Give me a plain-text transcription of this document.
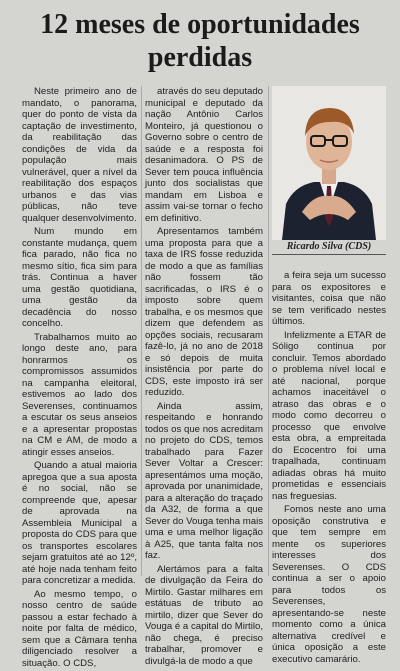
12 meses de oportunidades
perdidas

Neste primeiro ano de mandato, o panorama, quer do ponto de vista da captação de investimento, da reabilitação das condições de vida da população mais vulnerável, quer a nível da reabilitação dos espaços urbanos e das vias públicas, não teve qualquer desenvolvimento.

Num mundo em constante mudança, quem fica parado, não fica no mesmo sítio, fica sim para trás. Continua a haver uma gestão quotidiana, uma gestão da decadência do nosso concelho.

Trabalhamos muito ao longo deste ano, para honrarmos os compromissos assumidos na campanha eleitoral, estivemos ao lado dos Severenses, continuamos a escutar os seus anseios e a apresentar propostas na CM e AM, de modo a atingir esses anseios.

Quando a atual maioria apregoa que a sua aposta é no social, não se compreende que, apesar de aprovada na Assembleia Municipal a proposta do CDS para que os transportes escolares sejam gratuitos até ao 12º, até hoje nada tenham feito para concretizar a medida.

Ao mesmo tempo, o nosso centro de saúde passou a estar fechado à noite por falta de médico, sem que a Câmara tenha diligenciado resolver a situação. O CDS,

através do seu deputado municipal e deputado da nação Antônio Carlos Monteiro, já questionou o Governo sobre o centro de saúde e a resposta foi desanimadora. O PS de Sever tem pouca influência junto dos socialistas que mandam em Lisboa e assim vai-se tornar o fecho em definitivo.

Apresentamos também uma proposta para que a taxa de IRS fosse reduzida de modo a que as famílias não fossem tão sacrificadas, o IRS é o imposto sobre quem trabalha, e os mesmos que dizem que defendem as opções sociais, recusaram fazê-lo, já no ano de 2018 e só depois de muita insistência por parte do CDS, este imposto irá ser reduzido.

Ainda assim, respeitando e honrando todos os que nos acreditam no projeto do CDS, temos trabalhado para Fazer Sever Voltar a Crescer: apresentámos uma moção, aprovada por unanimidade, para a alteração do traçado da A32, de forma a que Sever do Vouga tenha mais uma e uma melhor ligação à A25, que tanta falta nos faz.

Alertámos para a falta de divulgação da Feira do Mirtilo. Gastar milhares em estátuas de tributo ao mirtilo, dizer que Sever do Vouga é a capital do Mirtilo, não chega, é preciso trabalhar, promover e divulgá-la de modo a que

Ricardo Silva (CDS)

a feira seja um sucesso para os expositores e visitantes, coisa que não se tem verificado nestes últimos.

Infelizmente a ETAR de Sóligo continua por concluir. Temos abordado o problema nível local e até nacional, porque achamos inaceitável o atraso das obras e o modo como decorreu o processo que envolve esta obra, a empreitada do Ecocentro foi uma trapalhada, continuam adiadas obras há muito prometidas e essenciais nas freguesias.

Fomos neste ano uma oposição construtiva e que tem sempre em mente os superiores interesses dos Severenses. O CDS continua a ser o apoio para todos os Severenses, apresentando-se neste momento como a única alternativa credível e única oposição a este executivo camarário.
